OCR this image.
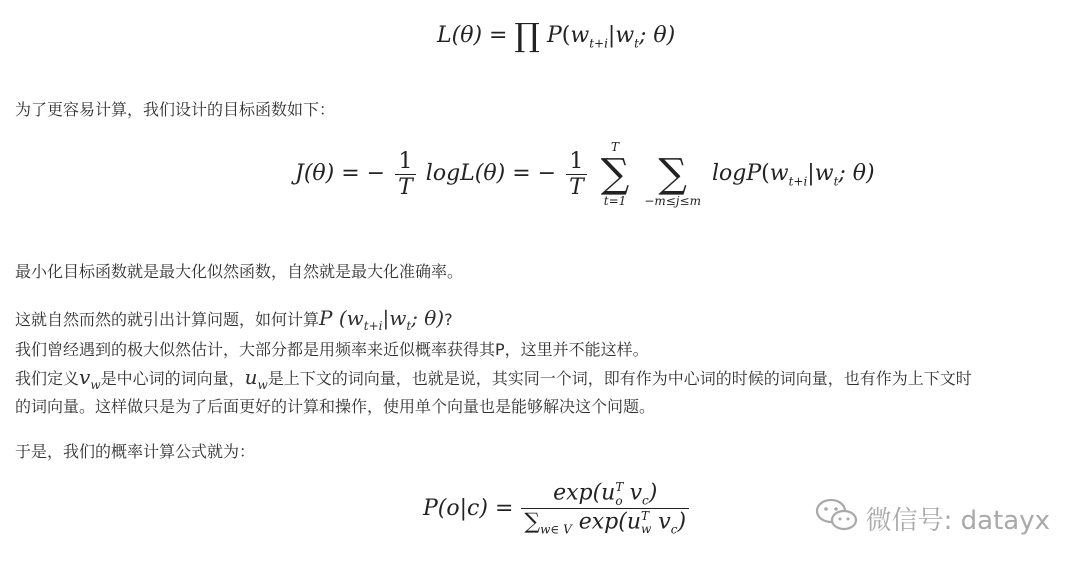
L(θ) = ∏ $P(w_{t+i}|w_t$; θ)
为了更容易计算，我们设计的目标函数如下：
J(θ) = − $\frac{1}{T} \log L(\theta)$ = − $\frac{1}{T}$

T
∑
t=1

∑
−m≤j≤m
$\log P(w_{t+i}|w_t$; θ)
最小化目标函数就是最大化似然函数，自然就是最大化准确率。
这就自然而然的就引出计算问题，如何计算P ($w_{t+i}|w_t$; θ)?
我们曾经遇到的极大似然估计，大部分都是用频率来近似概率获得其P，这里并不能这样。
我们定义$v_w$是中心词的词向量，$u_w$是上下文的词向量，也就是说，其实同一个词，即有作为中心词的时候的词向量，也有作为上下文时
的词向量。这样做只是为了后面更好的计算和操作，使用单个向量也是能够解决这个问题。
于是，我们的概率计算公式就为：
$P(o|c) = \frac{\exp(u^T_o v_c)}{\sum_{w\in V} \exp(u^T_w v_c)}$	微信号: datayx
